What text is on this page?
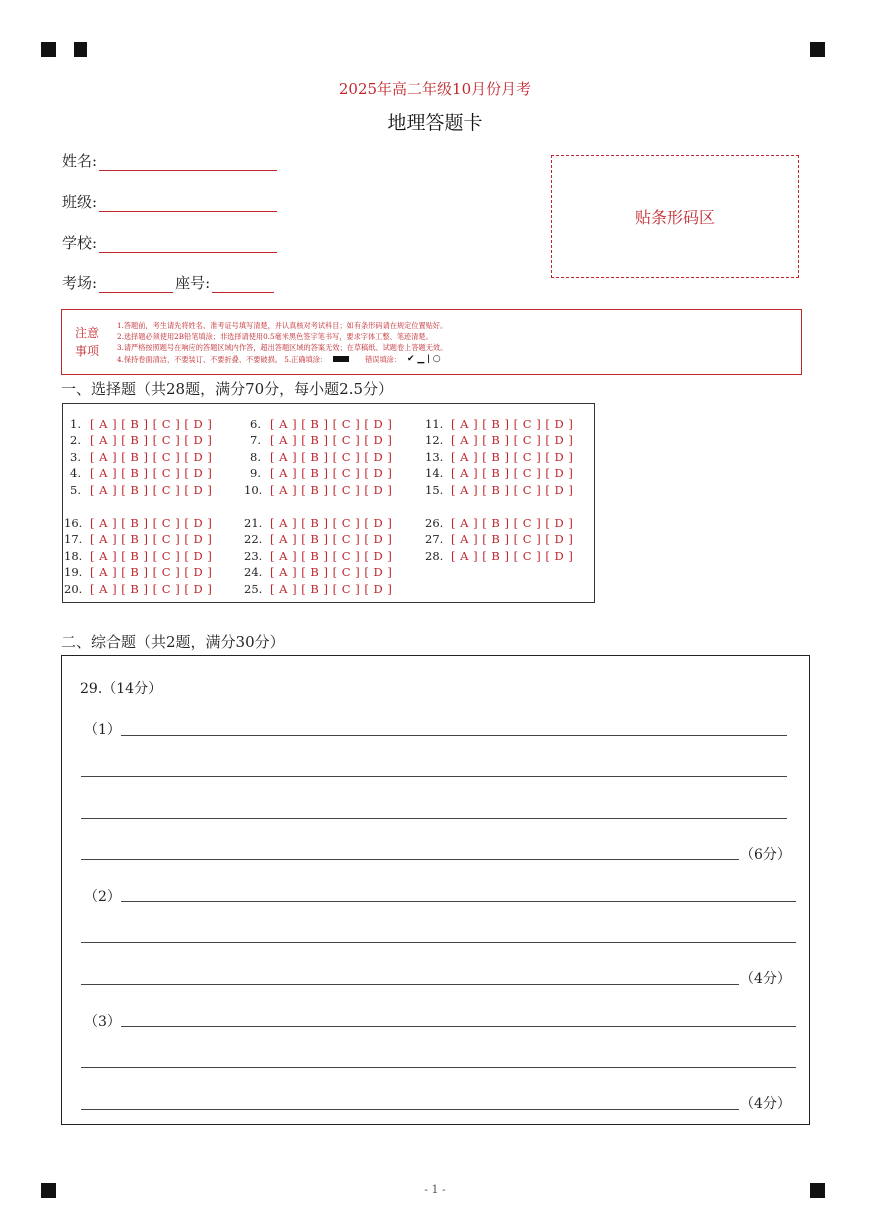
2025年高二年级10月份月考
地理答题卡
姓名:
班级:
学校:
考场:	座号:
贴条形码区
注意
事项
1.答题前，考生请先将姓名、准考证号填写清楚，并认真核对考试科目；如有条形码请在规定位置贴好。
2.选择题必须使用2B铅笔填涂；非选择请使用0.5毫米黑色签字笔书写，要求字体工整、笔迹清楚。
3.请严格按照题号在响应的答题区域内作答，超出答题区域的答案无效；在草稿纸、试题卷上答题无效。
4.保持卷面清洁，不要装订、不要折叠、不要破损。 5.正确填涂：	错误填涂： ✔ ▁ ǀ ○
一、选择题（共28题，满分70分，每小题2.5分）
1. [ A ] [ B ] [ C ] [ D ]
2. [ A ] [ B ] [ C ] [ D ]
3. [ A ] [ B ] [ C ] [ D ]
4. [ A ] [ B ] [ C ] [ D ]
5. [ A ] [ B ] [ C ] [ D ]
6. [ A ] [ B ] [ C ] [ D ]
7. [ A ] [ B ] [ C ] [ D ]
8. [ A ] [ B ] [ C ] [ D ]
9. [ A ] [ B ] [ C ] [ D ]
10. [ A ] [ B ] [ C ] [ D ]
11. [ A ] [ B ] [ C ] [ D ]
12. [ A ] [ B ] [ C ] [ D ]
13. [ A ] [ B ] [ C ] [ D ]
14. [ A ] [ B ] [ C ] [ D ]
15. [ A ] [ B ] [ C ] [ D ]
16. [ A ] [ B ] [ C ] [ D ]
17. [ A ] [ B ] [ C ] [ D ]
18. [ A ] [ B ] [ C ] [ D ]
19. [ A ] [ B ] [ C ] [ D ]
20. [ A ] [ B ] [ C ] [ D ]
21. [ A ] [ B ] [ C ] [ D ]
22. [ A ] [ B ] [ C ] [ D ]
23. [ A ] [ B ] [ C ] [ D ]
24. [ A ] [ B ] [ C ] [ D ]
25. [ A ] [ B ] [ C ] [ D ]
26. [ A ] [ B ] [ C ] [ D ]
27. [ A ] [ B ] [ C ] [ D ]
28. [ A ] [ B ] [ C ] [ D ]
二、综合题（共2题，满分30分）
29.（14分）
（1）
（6分）
（2）
（4分）
（3）
（4分）
- 1 -
